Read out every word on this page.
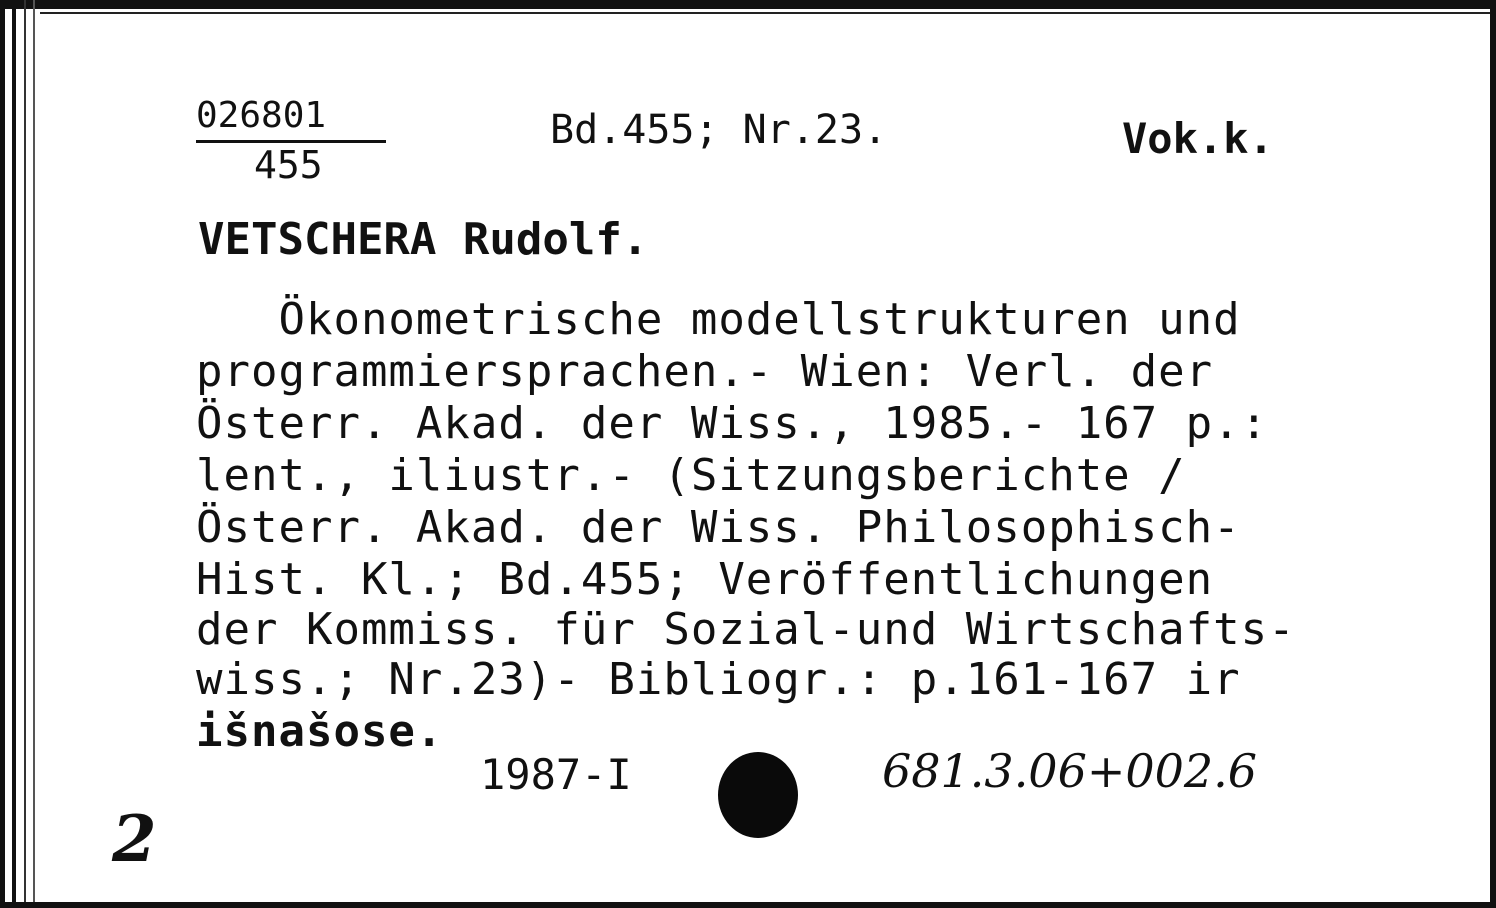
026801
455
Bd.455; Nr.23.	Vok.k.
VETSCHERA Rudolf.
Ökonometrische modellstrukturen und
programmiersprachen.- Wien: Verl. der
Österr. Akad. der Wiss., 1985.- 167 p.:
lent., iliustr.- (Sitzungsberichte /
Österr. Akad. der Wiss. Philosophisch-
Hist. Kl.; Bd.455; Veröffentlichungen
der Kommiss. für Sozial-und Wirtschafts-
wiss.; Nr.23)- Bibliogr.: p.161-167 ir
išnašose.
1987-I	681.3.06+002.6
2
